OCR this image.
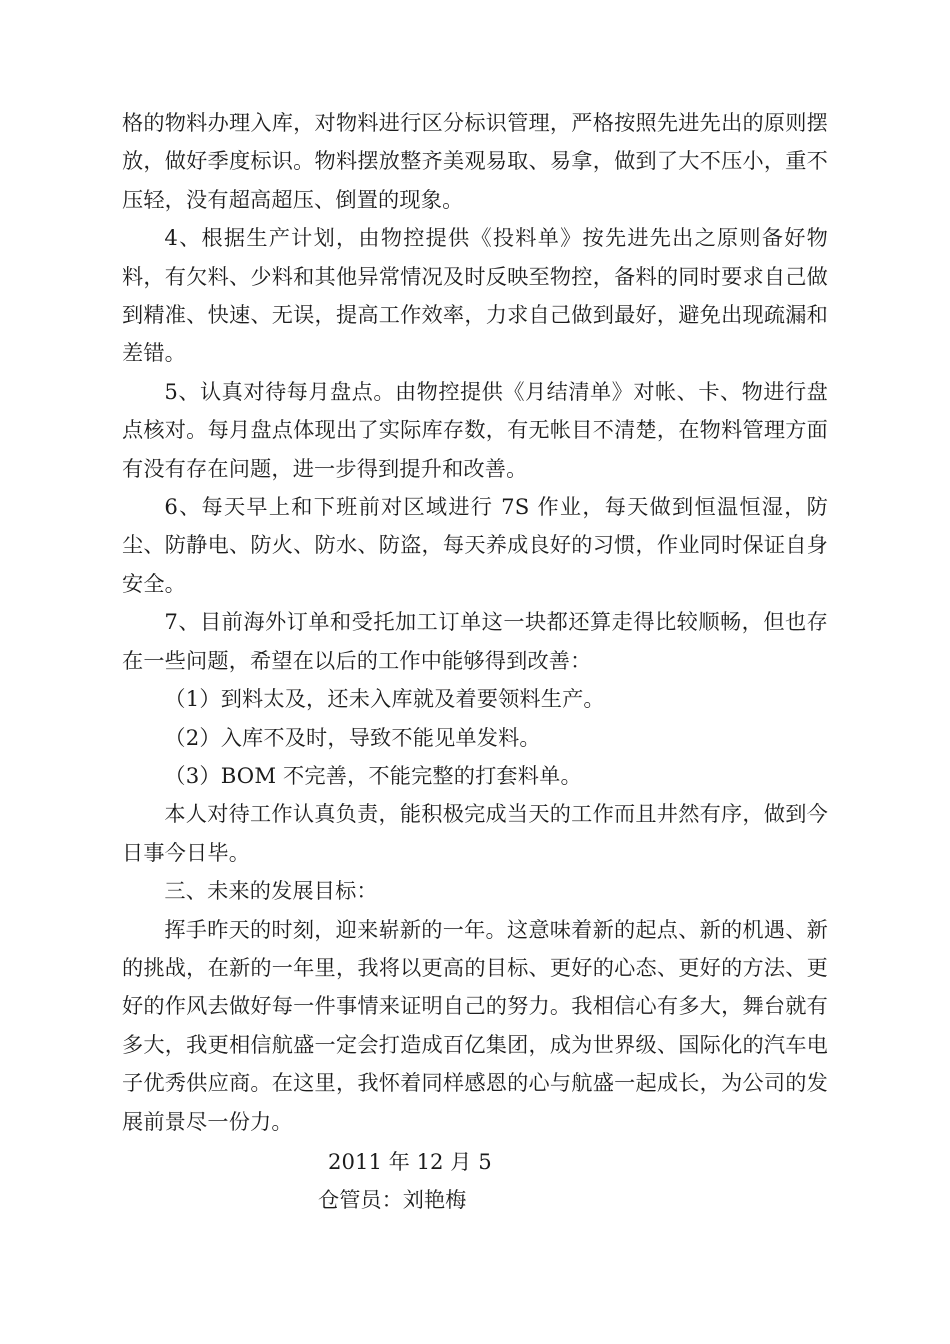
格的物料办理入库，对物料进行区分标识管理，严格按照先进先出的原则摆放，做好季度标识。物料摆放整齐美观易取、易拿，做到了大不压小，重不压轻，没有超高超压、倒置的现象。

4、根据生产计划，由物控提供《投料单》按先进先出之原则备好物料，有欠料、少料和其他异常情况及时反映至物控，备料的同时要求自己做到精准、快速、无误，提高工作效率，力求自己做到最好，避免出现疏漏和差错。

5、认真对待每月盘点。由物控提供《月结清单》对帐、卡、物进行盘点核对。每月盘点体现出了实际库存数，有无帐目不清楚，在物料管理方面有没有存在问题，进一步得到提升和改善。

6、每天早上和下班前对区域进行 7S 作业，每天做到恒温恒湿，防尘、防静电、防火、防水、防盗，每天养成良好的习惯，作业同时保证自身安全。

7、目前海外订单和受托加工订单这一块都还算走得比较顺畅，但也存在一些问题，希望在以后的工作中能够得到改善：

（1）到料太及，还未入库就及着要领料生产。

（2）入库不及时，导致不能见单发料。

（3）BOM 不完善，不能完整的打套料单。

本人对待工作认真负责，能积极完成当天的工作而且井然有序，做到今日事今日毕。

三、未来的发展目标：

挥手昨天的时刻，迎来崭新的一年。这意味着新的起点、新的机遇、新的挑战，在新的一年里，我将以更高的目标、更好的心态、更好的方法、更好的作风去做好每一件事情来证明自己的努力。我相信心有多大，舞台就有多大，我更相信航盛一定会打造成百亿集团，成为世界级、国际化的汽车电子优秀供应商。在这里，我怀着同样感恩的心与航盛一起成长，为公司的发展前景尽一份力。

2011 年 12 月 5

仓管员：刘艳梅
